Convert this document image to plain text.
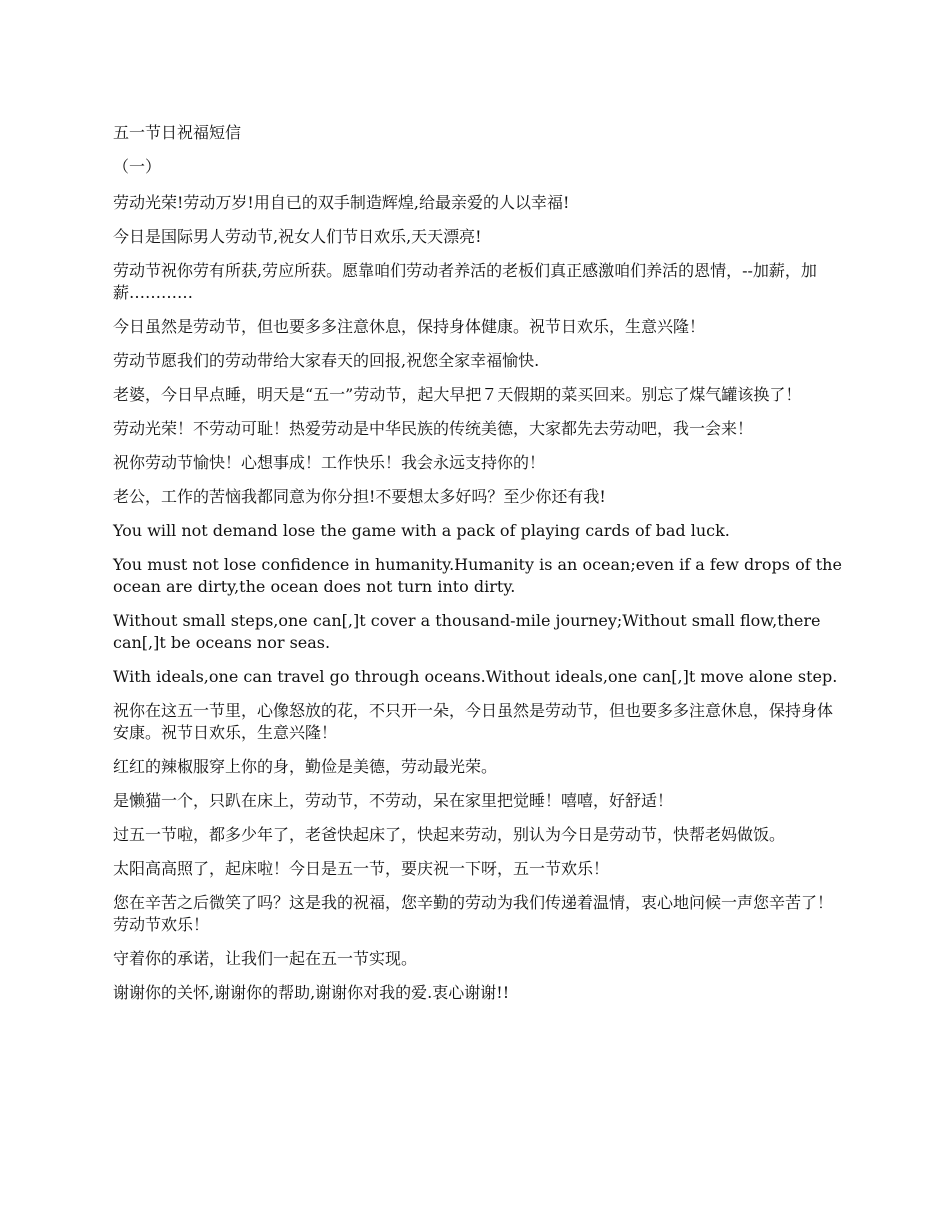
五一节日祝福短信
（一）

劳动光荣!劳动万岁!用自已的双手制造辉煌,给最亲爱的人以幸福!

今日是国际男人劳动节,祝女人们节日欢乐,天天漂亮!

劳动节祝你劳有所获,劳应所获。愿靠咱们劳动者养活的老板们真正感激咱们养活的恩情，--加薪，加薪…………

今日虽然是劳动节，但也要多多注意休息，保持身体健康。祝节日欢乐，生意兴隆！

劳动节愿我们的劳动带给大家春天的回报,祝您全家幸福愉快.

老婆，今日早点睡，明天是“五一”劳动节，起大早把７天假期的菜买回来。别忘了煤气罐该换了！

劳动光荣！不劳动可耻！热爱劳动是中华民族的传统美德，大家都先去劳动吧，我一会来！

祝你劳动节愉快！心想事成！工作快乐！我会永远支持你的！

老公，工作的苦恼我都同意为你分担!不要想太多好吗？至少你还有我!

You will not demand lose the game with a pack of playing cards of bad luck.

You must not lose confidence in humanity.Humanity is an ocean;even if a few drops of the ocean are dirty,the ocean does not turn into dirty.

Without small steps,one can[,]t cover a thousand-mile journey;Without small flow,there can[,]t be oceans nor seas.

With ideals,one can travel go through oceans.Without ideals,one can[,]t move alone step.

祝你在这五一节里，心像怒放的花，不只开一朵，今日虽然是劳动节，但也要多多注意休息，保持身体安康。祝节日欢乐，生意兴隆！

红红的辣椒服穿上你的身，勤俭是美德，劳动最光荣。

是懒猫一个，只趴在床上，劳动节，不劳动，呆在家里把觉睡！嘻嘻，好舒适！

过五一节啦，都多少年了，老爸快起床了，快起来劳动，别认为今日是劳动节，快帮老妈做饭。

太阳高高照了，起床啦！今日是五一节，要庆祝一下呀，五一节欢乐！

您在辛苦之后微笑了吗？这是我的祝福，您辛勤的劳动为我们传递着温情，衷心地问候一声您辛苦了！劳动节欢乐！

守着你的承诺，让我们一起在五一节实现。

谢谢你的关怀,谢谢你的帮助,谢谢你对我的爱.衷心谢谢!!
